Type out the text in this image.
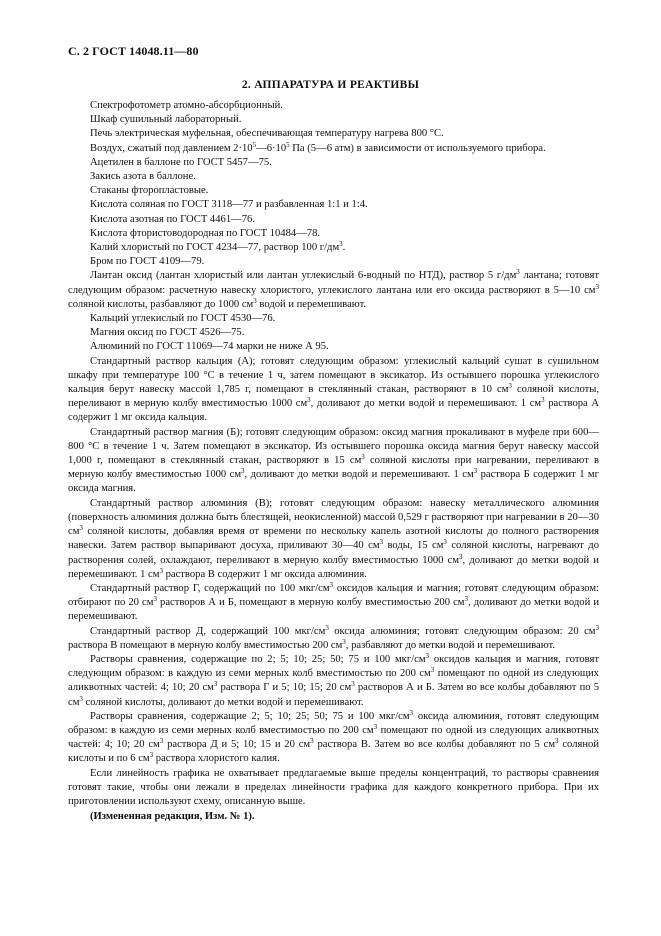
С. 2 ГОСТ 14048.11—80
2. АППАРАТУРА И РЕАКТИВЫ

Спектрофотометр атомно-абсорбционный.

Шкаф сушильный лабораторный.

Печь электрическая муфельная, обеспечивающая температуру нагрева 800 °С.

Воздух, сжатый под давлением $2\cdot 10^5—6\cdot 10^5$ Па (5—6 атм) в зависимости от используемого прибора.

Ацетилен в баллоне по ГОСТ 5457—75.

Закись азота в баллоне.

Стаканы фторопластовые.

Кислота соляная по ГОСТ 3118—77 и разбавленная 1:1 и 1:4.

Кислота азотная по ГОСТ 4461—76.

Кислота фтористоводородная по ГОСТ 10484—78.

Калий хлористый по ГОСТ 4234—77, раствор 100 $г/дм^3$.

Бром по ГОСТ 4109—79.

Лантан оксид (лантан хлористый или лантан углекислый 6-водный по НТД), раствор 5 $г/дм^3$ лантана; готовят следующим образом: расчетную навеску хлористого, углекислого лантана или его оксида растворяют в 5—10 $см^3$ соляной кислоты, разбавляют до 1000 $см^3$ водой и перемешивают.

Кальций углекислый по ГОСТ 4530—76.

Магния оксид по ГОСТ 4526—75.

Алюминий по ГОСТ 11069—74 марки не ниже А 95.

Стандартный раствор кальция (А); готовят следующим образом: углекислый кальций сушат в сушильном шкафу при температуре 100 °С в течение 1 ч, затем помещают в эксикатор. Из остывшего порошка углекислого кальция берут навеску массой 1,785 г, помещают в стеклянный стакан, растворяют в 10 $см^3$ соляной кислоты, переливают в мерную колбу вместимостью 1000 $см^3$, доливают до метки водой и перемешивают. 1 $см^3$ раствора А содержит 1 мг оксида кальция.

Стандартный раствор магния (Б); готовят следующим образом: оксид магния прокаливают в муфеле при 600—800 °С в течение 1 ч. Затем помещают в эксикатор. Из остывшего порошка оксида магния берут навеску массой 1,000 г, помещают в стеклянный стакан, растворяют в 15 $см^3$ соляной кислоты при нагревании, переливают в мерную колбу вместимостью 1000 $см^3$, доливают до метки водой и перемешивают. 1 $см^3$ раствора Б содержит 1 мг оксида магния.

Стандартный раствор алюминия (В); готовят следующим образом: навеску металлического алюминия (поверхность алюминия должна быть блестящей, неокисленной) массой 0,529 г растворяют при нагревании в 20—30 $см^3$ соляной кислоты, добавляя время от времени по нескольку капель азотной кислоты до полного растворения навески. Затем раствор выпаривают досуха, приливают 30—40 $см^3$ воды, 15 $см^3$ соляной кислоты, нагревают до растворения солей, охлаждают, переливают в мерную колбу вместимостью 1000 $см^3$, доливают до метки водой и перемешивают. 1 $см^3$ раствора В содержит 1 мг оксида алюминия.

Стандартный раствор Г, содержащий по 100 мкг/$см^3$ оксидов кальция и магния; готовят следующим образом: отбирают по 20 $см^3$ растворов А и Б, помещают в мерную колбу вместимостью 200 $см^3$, доливают до метки водой и перемешивают.

Стандартный раствор Д, содержащий 100 мкг/$см^3$ оксида алюминия; готовят следующим образом: 20 $см^3$ раствора В помещают в мерную колбу вместимостью 200 $см^3$, разбавляют до метки водой и перемешивают.

Растворы сравнения, содержащие по 2; 5; 10; 25; 50; 75 и 100 мкг/$см^3$ оксидов кальция и магния, готовят следующим образом: в каждую из семи мерных колб вместимостью по 200 $см^3$ помещают по одной из следующих аликвотных частей: 4; 10; 20 $см^3$ раствора Г и 5; 10; 15; 20 $см^3$ растворов А и Б. Затем во все колбы добавляют по 5 $см^3$ соляной кислоты, доливают до метки водой и перемешивают.

Растворы сравнения, содержащие 2; 5; 10; 25; 50; 75 и 100 мкг/$см^3$ оксида алюминия, готовят следующим образом: в каждую из семи мерных колб вместимостью по 200 $см^3$ помещают по одной из следующих аликвотных частей: 4; 10; 20 $см^3$ раствора Д и 5; 10; 15 и 20 $см^3$ раствора В. Затем во все колбы добавляют по 5 $см^3$ соляной кислоты и по 6 $см^3$ раствора хлористого калия.

Если линейность графика не охватывает предлагаемые выше пределы концентраций, то растворы сравнения готовят такие, чтобы они лежали в пределах линейности графика для каждого конкретного прибора. При их приготовлении используют схему, описанную выше.

(Измененная редакция, Изм. № 1).
